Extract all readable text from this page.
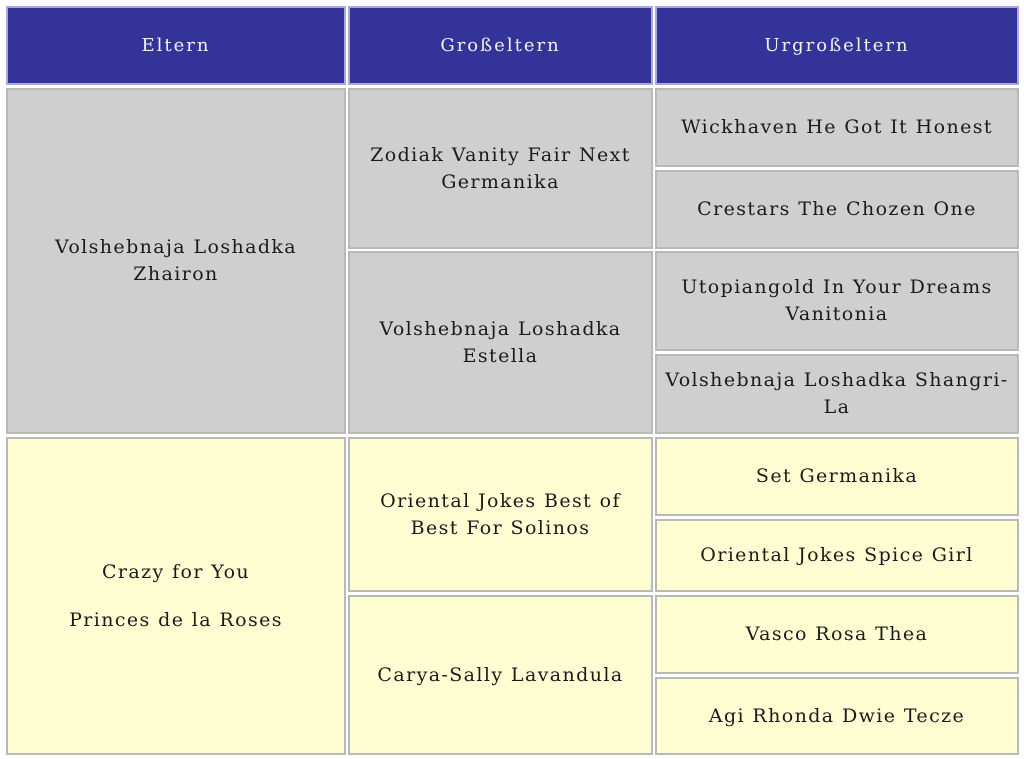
Eltern	Großeltern	Urgroßeltern
Volshebnaja Loshadka Zhairon
Zodiak Vanity Fair Next Germanika
Volshebnaja Loshadka Estella
Wickhaven He Got It Honest
Crestars The Chozen One
Utopiangold In Your Dreams Vanitonia
Volshebnaja Loshadka Shangri-La
Crazy for You
Princes de la Roses
Oriental Jokes Best of Best For Solinos
Carya-Sally Lavandula
Set Germanika
Oriental Jokes Spice Girl
Vasco Rosa Thea
Agi Rhonda Dwie Tecze
